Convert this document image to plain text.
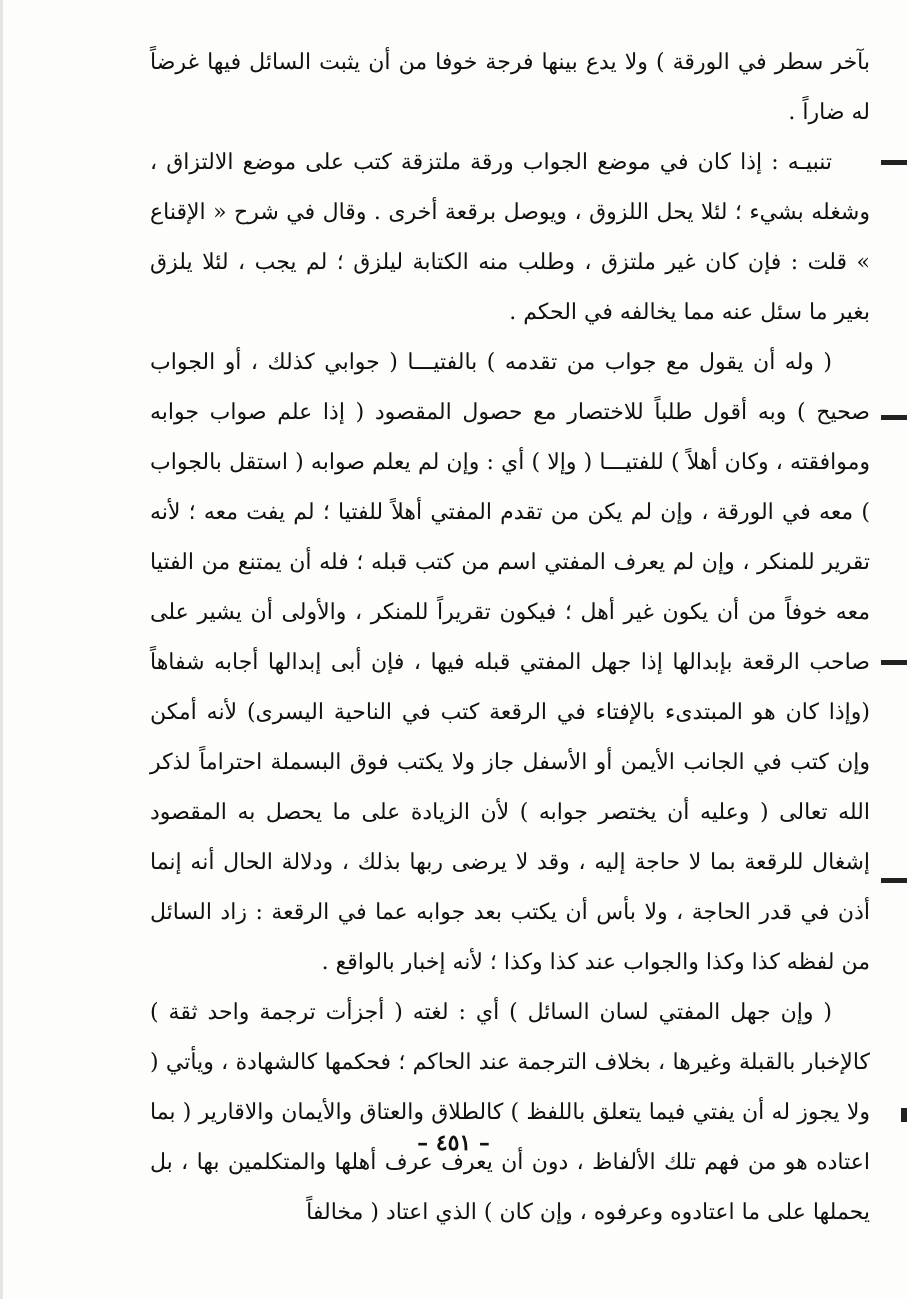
بآخر سطر في الورقة ) ولا يدع بينها فرجة خوفا من أن يثبت السائل فيها غرضاً له ضاراً .

تنبيـه : إذا كان في موضع الجواب ورقة ملتزقة كتب على موضع الالتزاق ، وشغله بشيء ؛ لئلا يحل اللزوق ، ويوصل برقعة أخرى . وقال في شرح « الإقناع » قلت : فإن كان غير ملتزق ، وطلب منه الكتابة ليلزق ؛ لم يجب ، لئلا يلزق بغير ما سئل عنه مما يخالفه في الحكم .

( وله أن يقول مع جواب من تقدمه ) بالفتيـــا ( جوابي كذلك ، أو الجواب صحيح ) وبه أقول طلباً للاختصار مع حصول المقصود ( إذا علم صواب جوابه وموافقته ، وكان أهلاً ) للفتيـــا ( وإلا ) أي : وإن لم يعلم صوابه ( استقل بالجواب ) معه في الورقة ، وإن لم يكن من تقدم المفتي أهلاً للفتيا ؛ لم يفت معه ؛ لأنه تقرير للمنكر ، وإن لم يعرف المفتي اسم من كتب قبله ؛ فله أن يمتنع من الفتيا معه خوفاً من أن يكون غير أهل ؛ فيكون تقريراً للمنكر ، والأولى أن يشير على صاحب الرقعة بإبدالها إذا جهل المفتي قبله فيها ، فإن أبى إبدالها أجابه شفاهاً (وإذا كان هو المبتدىء بالإفتاء في الرقعة كتب في الناحية اليسرى) لأنه أمكن وإن كتب في الجانب الأيمن أو الأسفل جاز ولا يكتب فوق البسملة احتراماً لذكر الله تعالى ( وعليه أن يختصر جوابه ) لأن الزيادة على ما يحصل به المقصود إشغال للرقعة بما لا حاجة إليه ، وقد لا يرضى ربها بذلك ، ودلالة الحال أنه إنما أذن في قدر الحاجة ، ولا بأس أن يكتب بعد جوابه عما في الرقعة : زاد السائل من لفظه كذا وكذا والجواب عند كذا وكذا ؛ لأنه إخبار بالواقع .

( وإن جهل المفتي لسان السائل ) أي : لغته ( أجزأت ترجمة واحد ثقة ) كالإخبار بالقبلة وغيرها ، بخلاف الترجمة عند الحاكم ؛ فحكمها كالشهادة ، ويأتي ( ولا يجوز له أن يفتي فيما يتعلق باللفظ ) كالطلاق والعتاق والأيمان والاقارير ( بما اعتاده هو من فهم تلك الألفاظ ، دون أن يعرف عرف أهلها والمتكلمين بها ، بل يحملها على ما اعتادوه وعرفوه ، وإن كان ) الذي اعتاد ( مخالفاً

– ٤٥١ –
